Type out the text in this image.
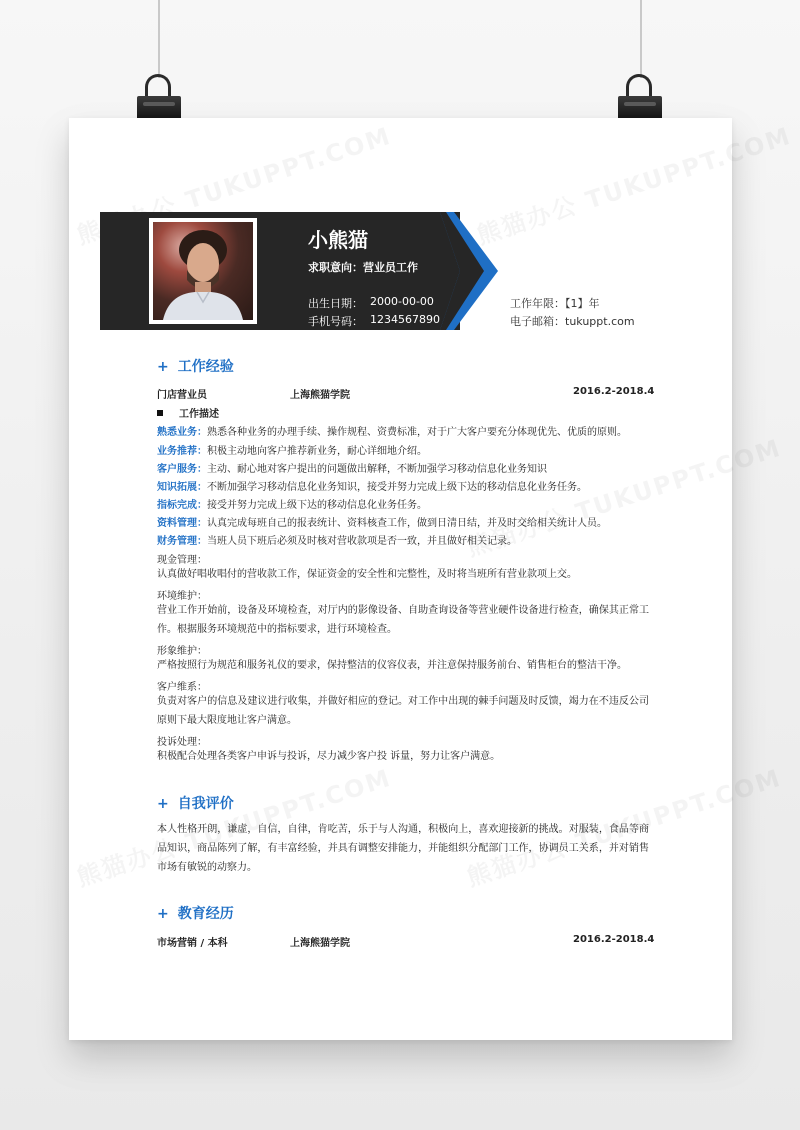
小熊猫
求职意向：营业员工作
出生日期： 2000-00-00
手机号码： 1234567890
工作年限：【1】年
电子邮箱：tukuppt.com
+ 工作经验
门店营业员	上海熊猫学院	2016.2-2018.4
工作描述
熟悉业务：熟悉各种业务的办理手续、操作规程、资费标准，对于广大客户要充分体现优先、优质的原则。
业务推荐：积极主动地向客户推荐新业务，耐心详细地介绍。
客户服务：主动、耐心地对客户提出的问题做出解释，不断加强学习移动信息化业务知识
知识拓展：不断加强学习移动信息化业务知识，接受并努力完成上级下达的移动信息化业务任务。
指标完成：接受并努力完成上级下达的移动信息化业务任务。
资料管理：认真完成每班自己的报表统计、资料核查工作，做到日清日结，并及时交给相关统计人员。
财务管理：当班人员下班后必须及时核对营收款项是否一致，并且做好相关记录。
现金管理：
认真做好唱收唱付的营收款工作，保证资金的安全性和完整性，及时将当班所有营业款项上交。
环境维护：
营业工作开始前，设备及环境检查，对厅内的影像设备、自助查询设备等营业硬件设备进行检查，确保其正常工作。根据服务环境规范中的指标要求，进行环境检查。
形象维护：
严格按照行为规范和服务礼仪的要求，保持整洁的仪容仪表，并注意保持服务前台、销售柜台的整洁干净。
客户维系：
负责对客户的信息及建议进行收集，并做好相应的登记。对工作中出现的棘手问题及时反馈，竭力在不违反公司原则下最大限度地让客户满意。
投诉处理：
积极配合处理各类客户申诉与投诉，尽力减少客户投 诉量，努力让客户满意。
+ 自我评价
本人性格开朗，谦虚，自信，自律，肯吃苦，乐于与人沟通，积极向上，喜欢迎接新的挑战。对服装，食品等商品知识，商品陈列了解，有丰富经验，并具有调整安排能力，并能组织分配部门工作，协调员工关系，并对销售市场有敏锐的动察力。
+ 教育经历
市场营销 / 本科	上海熊猫学院	2016.2-2018.4
